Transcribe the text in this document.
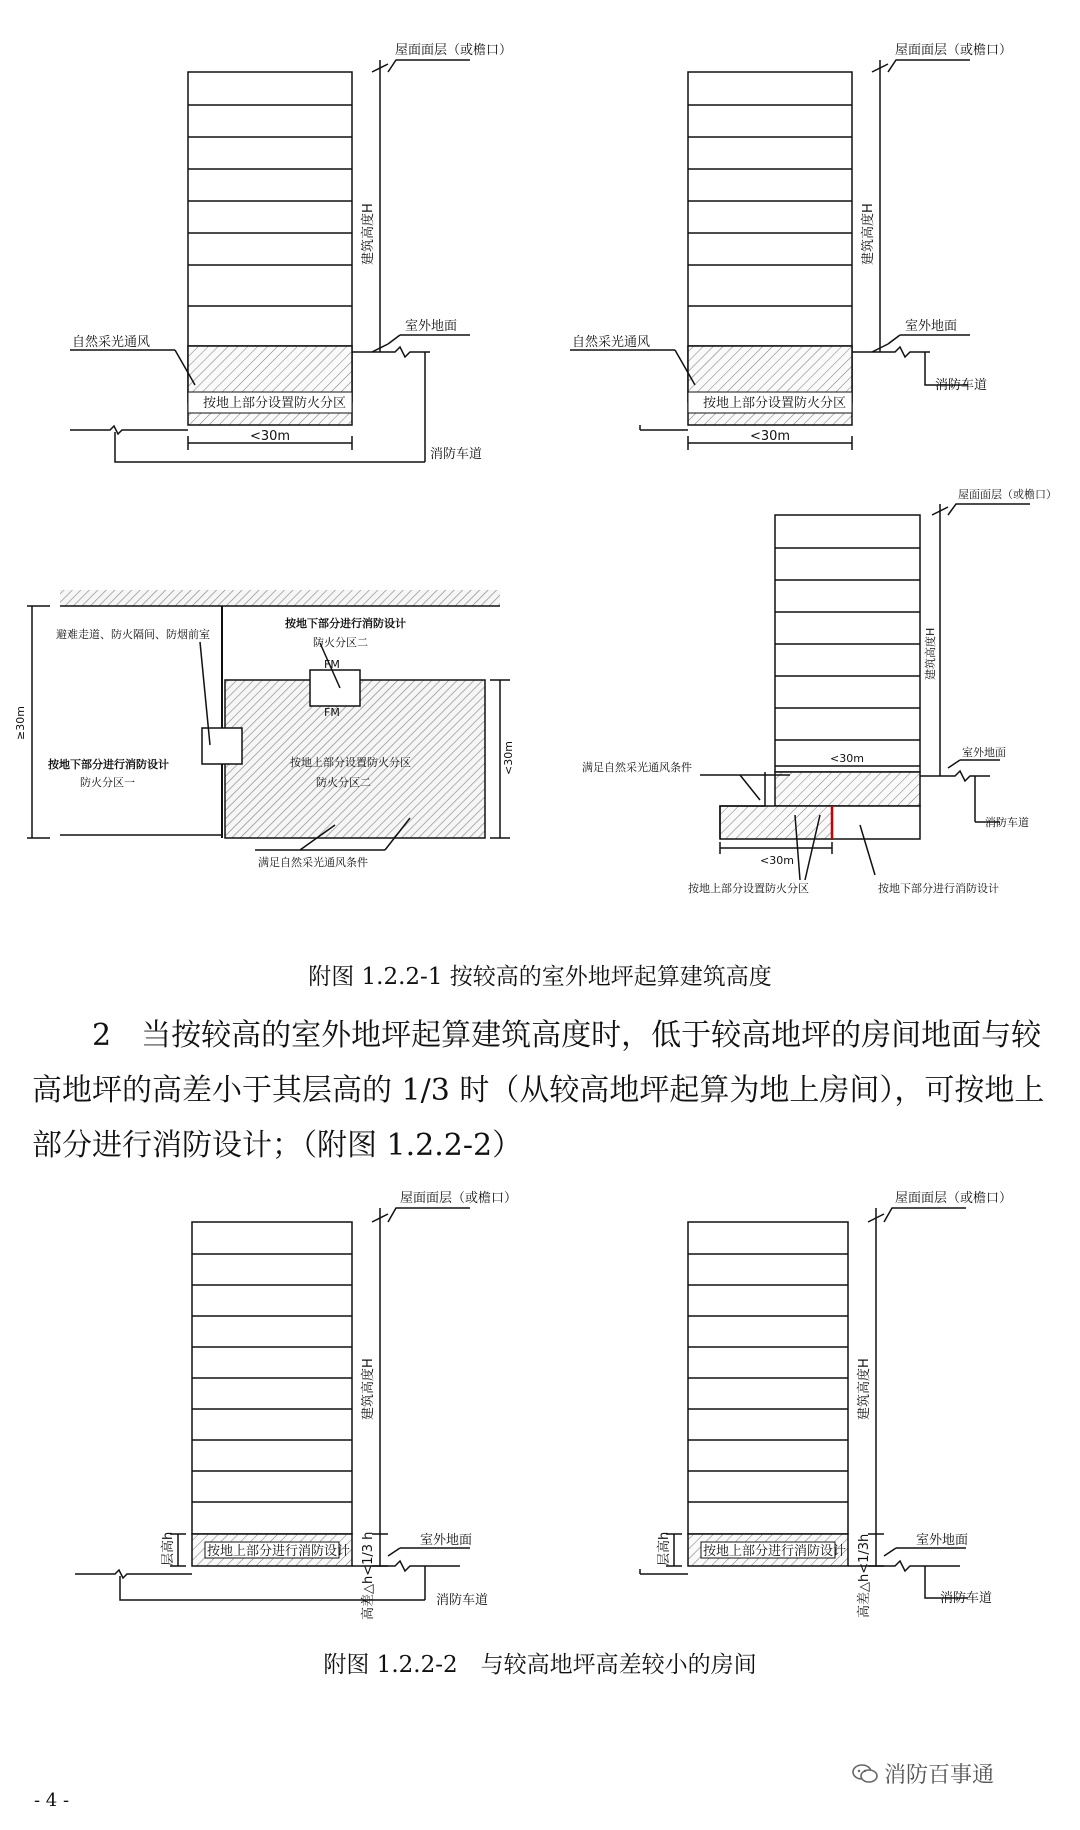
屋面面层（或檐口）
建筑高度H
室外地面
自然采光通风
按地上部分设置防火分区
<30m
消防车道
屋面面层（或檐口）
建筑高度H
室外地面
自然采光通风
按地上部分设置防火分区
<30m
消防车道
避难走道、防火隔间、防烟前室
按地下部分进行消防设计
防火分区二
FM
FM
按地下部分进行消防设计
防火分区一
按地上部分设置防火分区
防火分区二
≥30m
<30m
满足自然采光通风条件
屋面面层（或檐口）
建筑高度H
<30m	室外地面
满足自然采光通风条件
消防车道
<30m
按地上部分设置防火分区	按地下部分进行消防设计
屋面面层（或檐口）
建筑高度H
层高h 按地上部分进行消防设计 高差△h<1/3 h	室外地面
消防车道
屋面面层（或檐口）
建筑高度H
层高h 按地上部分进行消防设计 高差△h<1/3h	室外地面
消防车道
附图 1.2.2-1 按较高的室外地坪起算建筑高度

2　当按较高的室外地坪起算建筑高度时，低于较高地坪的房间地面与较高地坪的高差小于其层高的 1/3 时（从较高地坪起算为地上房间），可按地上部分进行消防设计；（附图 1.2.2-2）

附图 1.2.2-2　与较高地坪高差较小的房间
- 4 -
消防百事通
